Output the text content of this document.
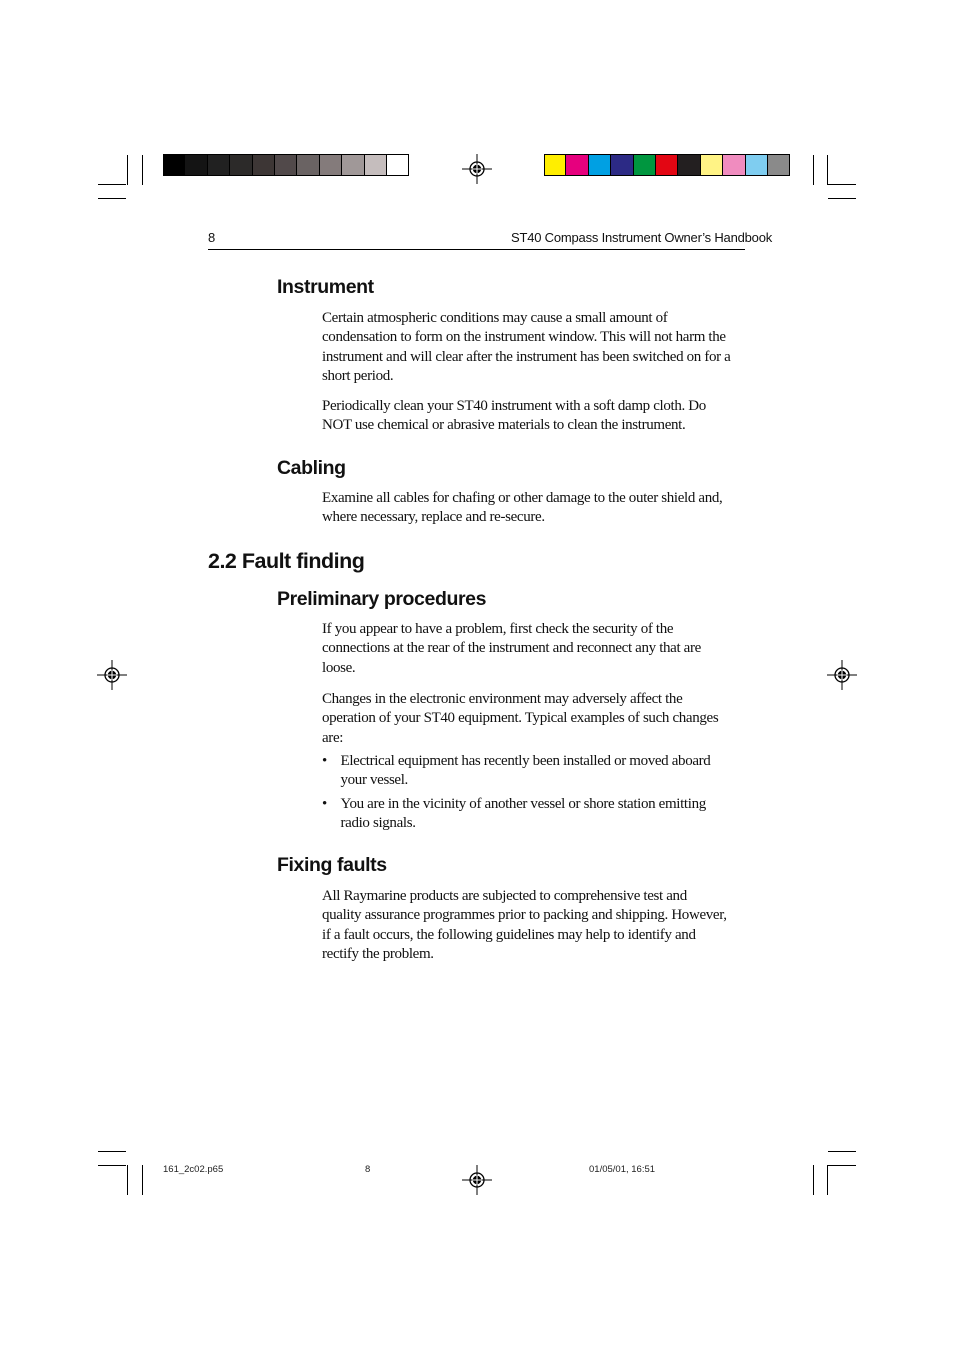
8	ST40 Compass Instrument Owner’s Handbook
Instrument
Certain atmospheric conditions may cause a small amount of
condensation to form on the instrument window. This will not harm the
instrument and will clear after the instrument has been switched on for a
short period.
Periodically clean your ST40 instrument with a soft damp cloth. Do
NOT use chemical or abrasive materials to clean the instrument.
Cabling
Examine all cables for chafing or other damage to the outer shield and,
where necessary, replace and re-secure.
2.2 Fault finding
Preliminary procedures
If you appear to have a problem, first check the security of the
connections at the rear of the instrument and reconnect any that are
loose.
Changes in the electronic environment may adversely affect the
operation of your ST40 equipment. Typical examples of such changes
are:
• Electrical equipment has recently been installed or moved aboard
your vessel.
• You are in the vicinity of another vessel or shore station emitting
radio signals.
Fixing faults
All Raymarine products are subjected to comprehensive test and
quality assurance programmes prior to packing and shipping. However,
if a fault occurs, the following guidelines may help to identify and
rectify the problem.
161_2c02.p65	8	01/05/01, 16:51
